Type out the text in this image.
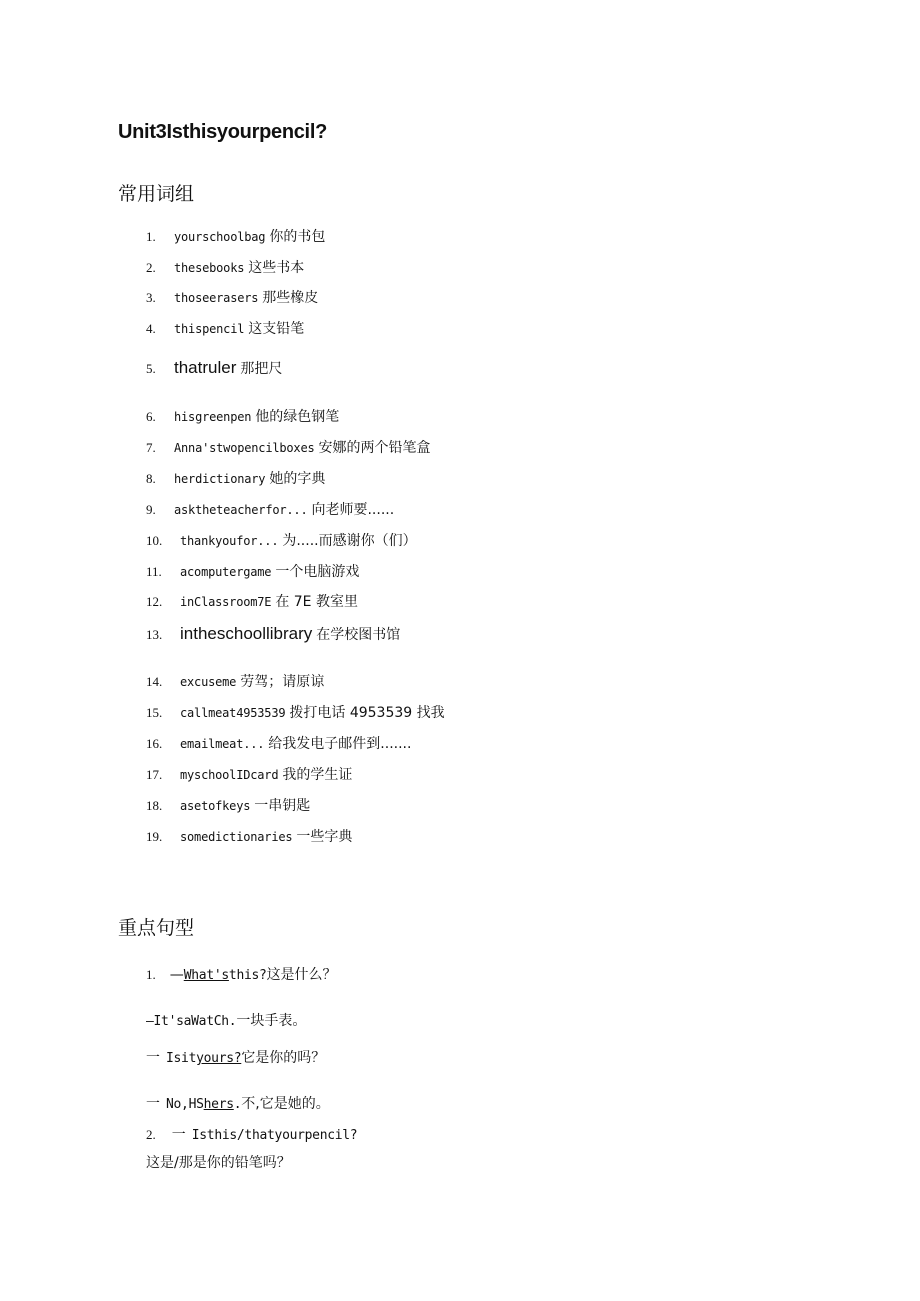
Unit3Isthisyourpencil?
常用词组
1.	yourschoolbag 你的书包
2.	thesebooks 这些书本
3.	thoseerasers 那些橡皮
4.	thispencil 这支铅笔
5.	thatruler 那把尺
6.	hisgreenpen 他的绿色钢笔
7.	Anna'stwopencilboxes 安娜的两个铅笔盒
8.	herdictionary 她的字典
9.	asktheteacherfor... 向老师要......
10.	thankyoufor... 为.....而感谢你（们）
11.	acomputergame 一个电脑游戏
12.	inClassroom7E 在 7E 教室里
13.	intheschoollibrary 在学校图书馆
14.	excuseme 劳驾；请原谅
15.	callmeat4953539 拨打电话 4953539 找我
16.	emailmeat... 给我发电子邮件到.......
17.	myschoolIDcard 我的学生证
18.	asetofkeys 一串钥匙
19.	somedictionaries 一些字典
重点句型
1. — What's this? 这是什么？
—It'saWatCh. 一块手表。
一 Isit yours? 它是你的吗？
一 No,HS hers . 不,它是她的。
2. 一 Isthis/thatyourpencil?
这是/那是你的铅笔吗？
